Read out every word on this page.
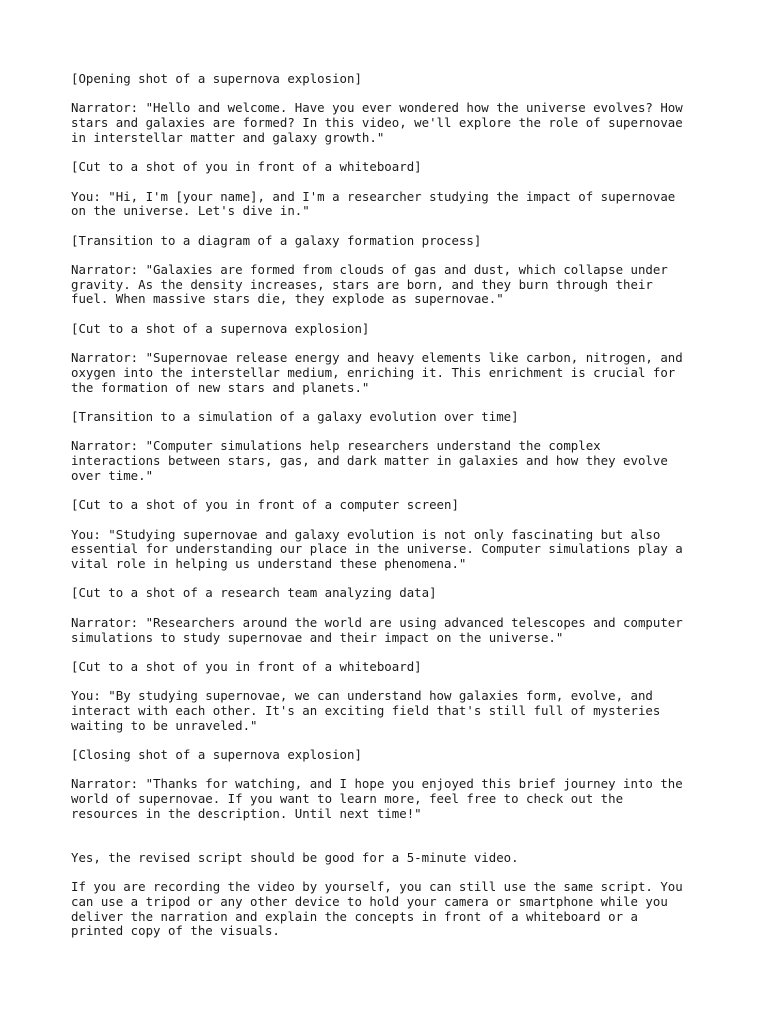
[Opening shot of a supernova explosion]

Narrator: "Hello and welcome. Have you ever wondered how the universe evolves? How
stars and galaxies are formed? In this video, we'll explore the role of supernovae
in interstellar matter and galaxy growth."

[Cut to a shot of you in front of a whiteboard]

You: "Hi, I'm [your name], and I'm a researcher studying the impact of supernovae
on the universe. Let's dive in."

[Transition to a diagram of a galaxy formation process]

Narrator: "Galaxies are formed from clouds of gas and dust, which collapse under
gravity. As the density increases, stars are born, and they burn through their
fuel. When massive stars die, they explode as supernovae."

[Cut to a shot of a supernova explosion]

Narrator: "Supernovae release energy and heavy elements like carbon, nitrogen, and
oxygen into the interstellar medium, enriching it. This enrichment is crucial for
the formation of new stars and planets."

[Transition to a simulation of a galaxy evolution over time]

Narrator: "Computer simulations help researchers understand the complex
interactions between stars, gas, and dark matter in galaxies and how they evolve
over time."

[Cut to a shot of you in front of a computer screen]

You: "Studying supernovae and galaxy evolution is not only fascinating but also
essential for understanding our place in the universe. Computer simulations play a
vital role in helping us understand these phenomena."

[Cut to a shot of a research team analyzing data]

Narrator: "Researchers around the world are using advanced telescopes and computer
simulations to study supernovae and their impact on the universe."

[Cut to a shot of you in front of a whiteboard]

You: "By studying supernovae, we can understand how galaxies form, evolve, and
interact with each other. It's an exciting field that's still full of mysteries
waiting to be unraveled."

[Closing shot of a supernova explosion]

Narrator: "Thanks for watching, and I hope you enjoyed this brief journey into the
world of supernovae. If you want to learn more, feel free to check out the
resources in the description. Until next time!"

Yes, the revised script should be good for a 5-minute video.

If you are recording the video by yourself, you can still use the same script. You
can use a tripod or any other device to hold your camera or smartphone while you
deliver the narration and explain the concepts in front of a whiteboard or a
printed copy of the visuals.
